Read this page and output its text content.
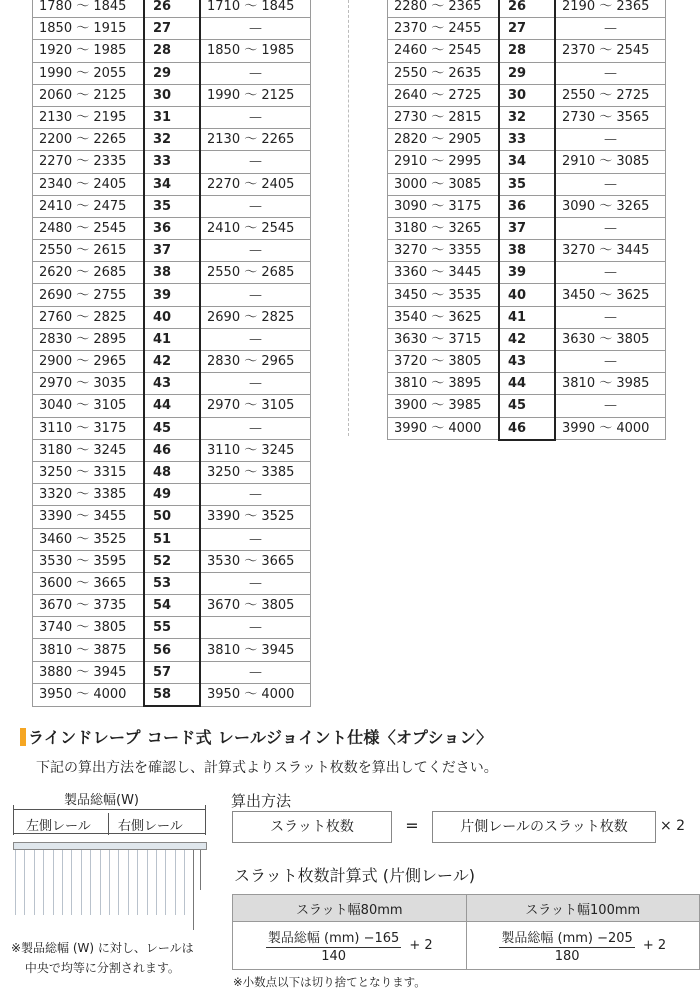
1780 ～ 1845	26	1710 ～ 1845
1850 ～ 1915	27	—
1920 ～ 1985	28	1850 ～ 1985
1990 ～ 2055	29	—
2060 ～ 2125	30	1990 ～ 2125
2130 ～ 2195	31	—
2200 ～ 2265	32	2130 ～ 2265
2270 ～ 2335	33	—
2340 ～ 2405	34	2270 ～ 2405
2410 ～ 2475	35	—
2480 ～ 2545	36	2410 ～ 2545
2550 ～ 2615	37	—
2620 ～ 2685	38	2550 ～ 2685
2690 ～ 2755	39	—
2760 ～ 2825	40	2690 ～ 2825
2830 ～ 2895	41	—
2900 ～ 2965	42	2830 ～ 2965
2970 ～ 3035	43	—
3040 ～ 3105	44	2970 ～ 3105
3110 ～ 3175	45	—
3180 ～ 3245	46	3110 ～ 3245
3250 ～ 3315	48	3250 ～ 3385
3320 ～ 3385	49	—
3390 ～ 3455	50	3390 ～ 3525
3460 ～ 3525	51	—
3530 ～ 3595	52	3530 ～ 3665
3600 ～ 3665	53	—
3670 ～ 3735	54	3670 ～ 3805
3740 ～ 3805	55	—
3810 ～ 3875	56	3810 ～ 3945
3880 ～ 3945	57	—
3950 ～ 4000	58	3950 ～ 4000
2280 ～ 2365	26	2190 ～ 2365
2370 ～ 2455	27	—
2460 ～ 2545	28	2370 ～ 2545
2550 ～ 2635	29	—
2640 ～ 2725	30	2550 ～ 2725
2730 ～ 2815	32	2730 ～ 3565
2820 ～ 2905	33	—
2910 ～ 2995	34	2910 ～ 3085
3000 ～ 3085	35	—
3090 ～ 3175	36	3090 ～ 3265
3180 ～ 3265	37	—
3270 ～ 3355	38	3270 ～ 3445
3360 ～ 3445	39	—
3450 ～ 3535	40	3450 ～ 3625
3540 ～ 3625	41	—
3630 ～ 3715	42	3630 ～ 3805
3720 ～ 3805	43	—
3810 ～ 3895	44	3810 ～ 3985
3900 ～ 3985	45	—
3990 ～ 4000	46	3990 ～ 4000
ラインドレープ コード式 レールジョイント仕様〈オプション〉
下記の算出方法を確認し、計算式よりスラット枚数を算出してください。
製品総幅(W)
左側レール 右側レール
※製品総幅 (W) に対し、レールは
中央で均等に分割されます。
算出方法
スラット枚数	=	片側レールのスラット枚数	× 2
スラット枚数計算式 (片側レール)
スラット幅80mm	スラット幅100mm

$\frac{\text{製品総幅 (mm) −165}}{140} + 2$	$\frac{\text{製品総幅 (mm) −205}}{180} + 2$
※小数点以下は切り捨てとなります。
